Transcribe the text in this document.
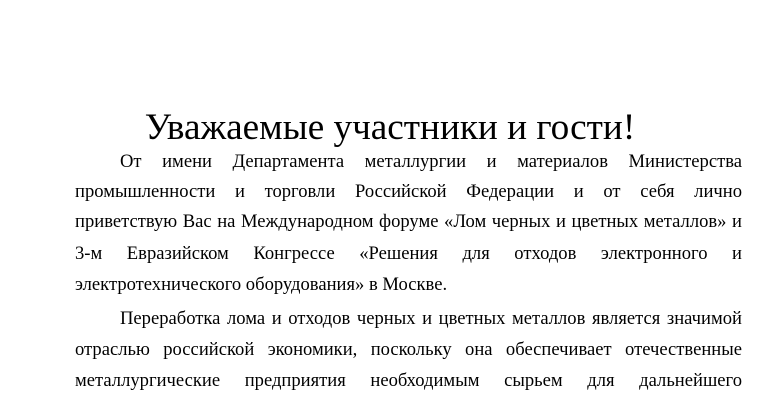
Уважаемые участники и гости!
От имени Департамента металлургии и материалов Министерства
промышленности и торговли Российской Федерации и от себя лично
приветствую Вас на Международном форуме «Лом черных и цветных металлов» и
3-м Евразийском Конгрессе «Решения для отходов электронного и
электротехнического оборудования» в Москве.
Переработка лома и отходов черных и цветных металлов является значимой
отраслью российской экономики, поскольку она обеспечивает отечественные
металлургические предприятия необходимым сырьем для дальнейшего
